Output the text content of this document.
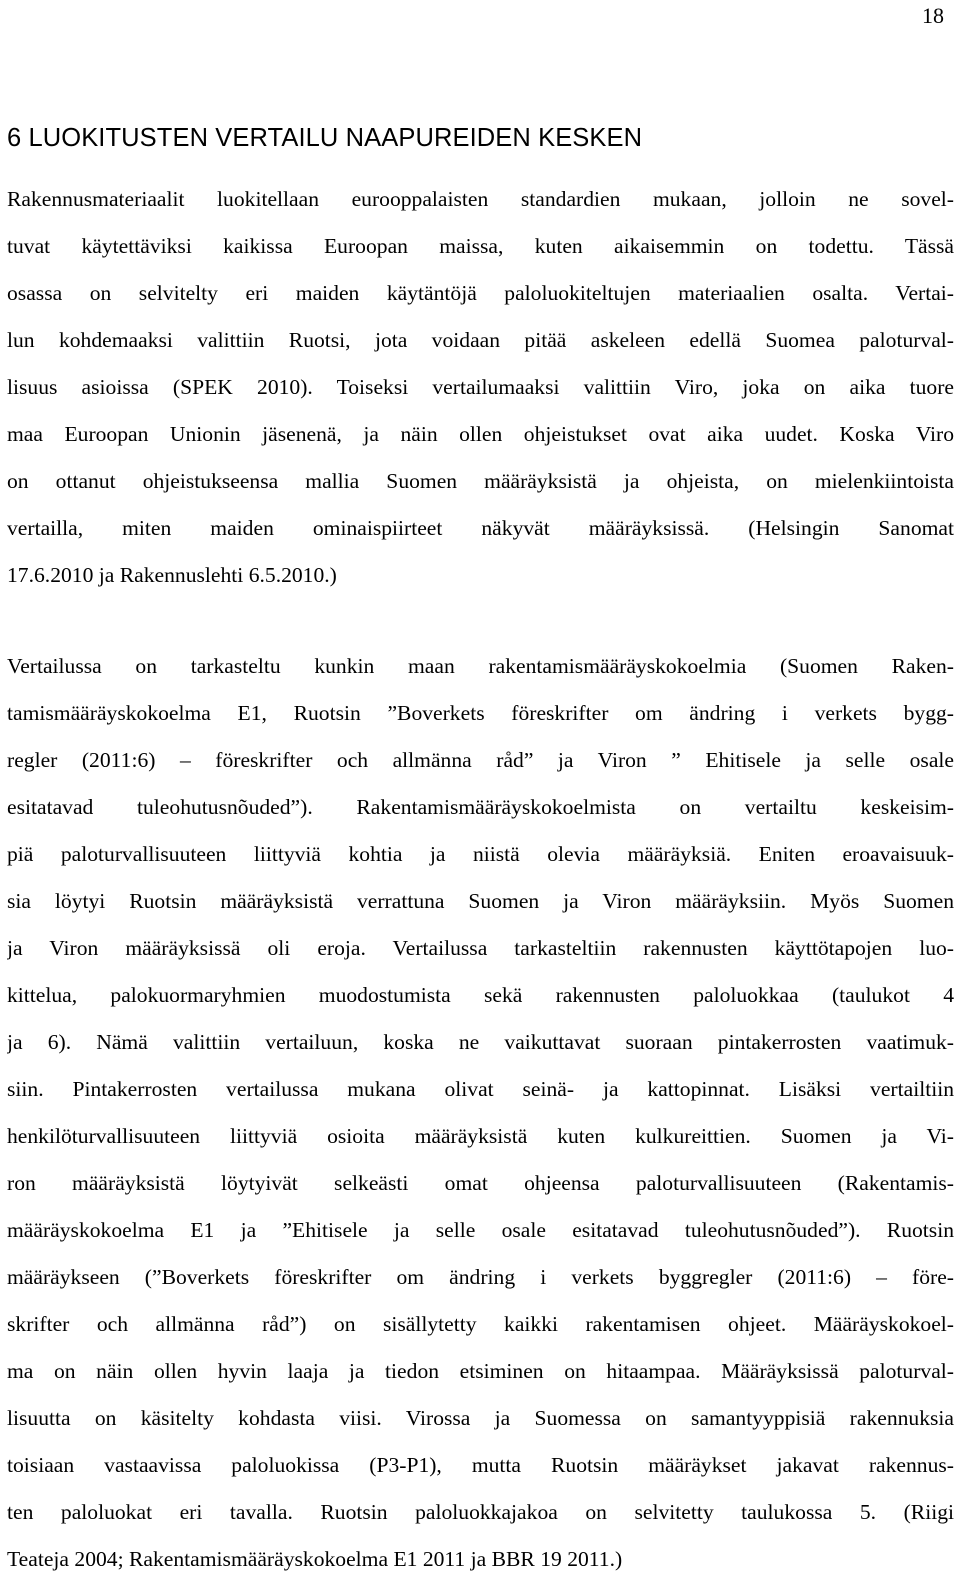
18
6 LUOKITUSTEN VERTAILU NAAPUREIDEN KESKEN
Rakennusmateriaalit luokitellaan eurooppalaisten standardien mukaan, jolloin ne sovel-
tuvat käytettäviksi kaikissa Euroopan maissa, kuten aikaisemmin on todettu. Tässä
osassa on selvitelty eri maiden käytäntöjä paloluokiteltujen materiaalien osalta. Vertai-
lun kohdemaaksi valittiin Ruotsi, jota voidaan pitää askeleen edellä Suomea paloturval-
lisuus asioissa (SPEK 2010). Toiseksi vertailumaaksi valittiin Viro, joka on aika tuore
maa Euroopan Unionin jäsenenä, ja näin ollen ohjeistukset ovat aika uudet. Koska Viro
on ottanut ohjeistukseensa mallia Suomen määräyksistä ja ohjeista, on mielenkiintoista
vertailla, miten maiden ominaispiirteet näkyvät määräyksissä. (Helsingin Sanomat
17.6.2010 ja Rakennuslehti 6.5.2010.)
Vertailussa on tarkasteltu kunkin maan rakentamismääräyskokoelmia (Suomen Raken-
tamismääräyskokoelma E1, Ruotsin ”Boverkets föreskrifter om ändring i verkets bygg-
regler (2011:6) – föreskrifter och allmänna råd” ja Viron ” Ehitisele ja selle osale
esitatavad tuleohutusnõuded”). Rakentamismääräyskokoelmista on vertailtu keskeisim-
piä paloturvallisuuteen liittyviä kohtia ja niistä olevia määräyksiä. Eniten eroavaisuuk-
sia löytyi Ruotsin määräyksistä verrattuna Suomen ja Viron määräyksiin. Myös Suomen
ja Viron määräyksissä oli eroja. Vertailussa tarkasteltiin rakennusten käyttötapojen luo-
kittelua, palokuormaryhmien muodostumista sekä rakennusten paloluokkaa (taulukot 4
ja 6). Nämä valittiin vertailuun, koska ne vaikuttavat suoraan pintakerrosten vaatimuk-
siin. Pintakerrosten vertailussa mukana olivat seinä- ja kattopinnat. Lisäksi vertailtiin
henkilöturvallisuuteen liittyviä osioita määräyksistä kuten kulkureittien. Suomen ja Vi-
ron määräyksistä löytyivät selkeästi omat ohjeensa paloturvallisuuteen (Rakentamis-
määräyskokoelma E1 ja ”Ehitisele ja selle osale esitatavad tuleohutusnõuded”). Ruotsin
määräykseen (”Boverkets föreskrifter om ändring i verkets byggregler (2011:6) – före-
skrifter och allmänna råd”) on sisällytetty kaikki rakentamisen ohjeet. Määräyskokoel-
ma on näin ollen hyvin laaja ja tiedon etsiminen on hitaampaa. Määräyksissä paloturval-
lisuutta on käsitelty kohdasta viisi. Virossa ja Suomessa on samantyyppisiä rakennuksia
toisiaan vastaavissa paloluokissa (P3-P1), mutta Ruotsin määräykset jakavat rakennus-
ten paloluokat eri tavalla. Ruotsin paloluokkajakoa on selvitetty taulukossa 5. (Riigi
Teateja 2004; Rakentamismääräyskokoelma E1 2011 ja BBR 19 2011.)
